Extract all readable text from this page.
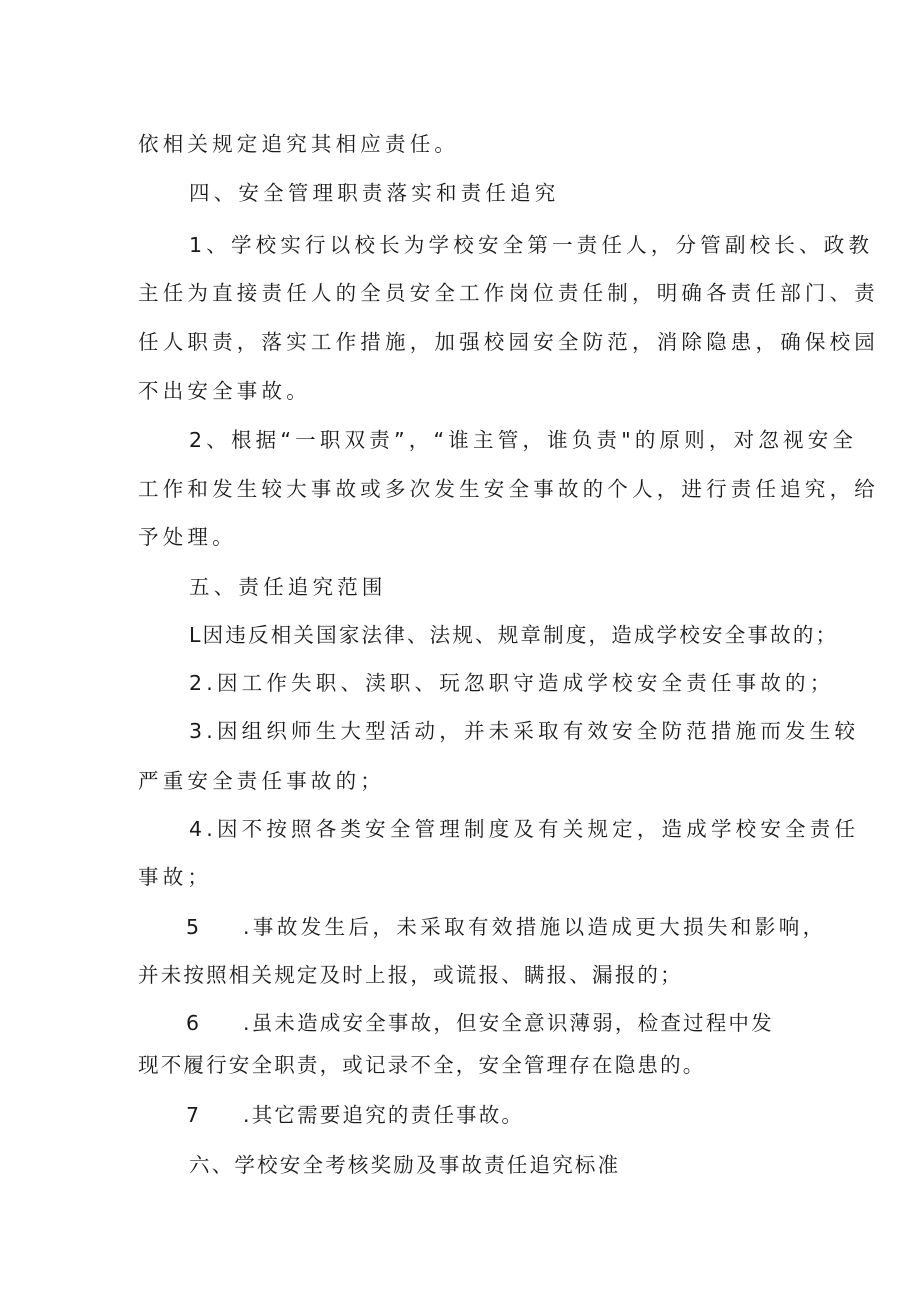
依相关规定追究其相应责任。
四、安全管理职责落实和责任追究
1、学校实行以校长为学校安全第一责任人，分管副校长、政教
主任为直接责任人的全员安全工作岗位责任制，明确各责任部门、责
任人职责，落实工作措施，加强校园安全防范，消除隐患，确保校园
不出安全事故。
2、根据“一职双责”，“谁主管，谁负责"的原则，对忽视安全
工作和发生较大事故或多次发生安全事故的个人，进行责任追究，给
予处理。
五、责任追究范围
L因违反相关国家法律、法规、规章制度，造成学校安全事故的；
2.因工作失职、渎职、玩忽职守造成学校安全责任事故的；
3.因组织师生大型活动，并未采取有效安全防范措施而发生较
严重安全责任事故的；
4.因不按照各类安全管理制度及有关规定，造成学校安全责任
事故；
5 .事故发生后，未采取有效措施以造成更大损失和影响，
并未按照相关规定及时上报，或谎报、瞒报、漏报的；
6 .虽未造成安全事故，但安全意识薄弱，检查过程中发
现不履行安全职责，或记录不全，安全管理存在隐患的。
7 .其它需要追究的责任事故。
六、学校安全考核奖励及事故责任追究标准
